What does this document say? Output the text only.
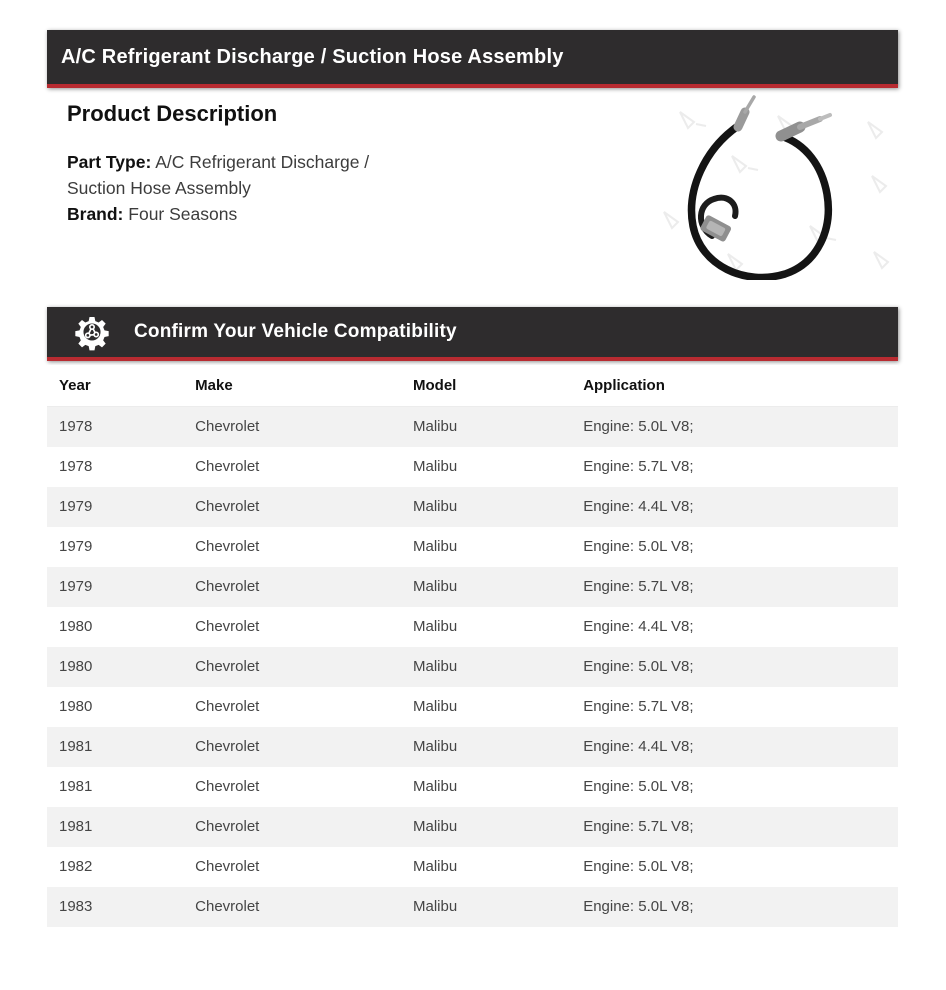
A/C Refrigerant Discharge / Suction Hose Assembly
Product Description

Part Type: A/C Refrigerant Discharge / Suction Hose Assembly
Brand: Four Seasons

Confirm Your Vehicle Compatibility
Year	Make	Model	Application
1978	Chevrolet	Malibu	Engine: 5.0L V8;
1978	Chevrolet	Malibu	Engine: 5.7L V8;
1979	Chevrolet	Malibu	Engine: 4.4L V8;
1979	Chevrolet	Malibu	Engine: 5.0L V8;
1979	Chevrolet	Malibu	Engine: 5.7L V8;
1980	Chevrolet	Malibu	Engine: 4.4L V8;
1980	Chevrolet	Malibu	Engine: 5.0L V8;
1980	Chevrolet	Malibu	Engine: 5.7L V8;
1981	Chevrolet	Malibu	Engine: 4.4L V8;
1981	Chevrolet	Malibu	Engine: 5.0L V8;
1981	Chevrolet	Malibu	Engine: 5.7L V8;
1982	Chevrolet	Malibu	Engine: 5.0L V8;
1983	Chevrolet	Malibu	Engine: 5.0L V8;
